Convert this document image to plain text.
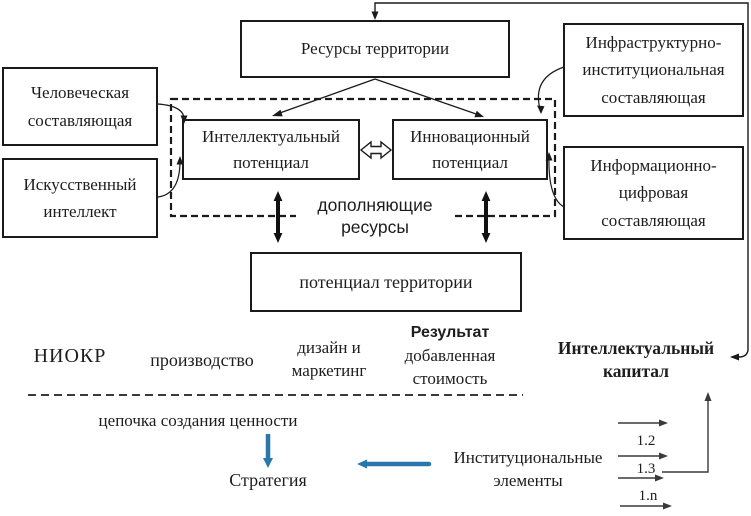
Ресурсы территории
Человеческая
составляющая
Искусственный
интеллект
Инфраструктурно-
институциональная
составляющая
Информационно-
цифровая
составляющая
Интеллектуальный
потенциал
Инновационный
потенциал
потенциал территории
дополняющие
ресурсы
НИОКР	производство
дизайн и
маркетинг
Результат
добавленная
стоимость
Интеллектуальный
капитал
цепочка создания ценности
Стратегия
Институциональные
элементы
1.2
1.3
1.n
